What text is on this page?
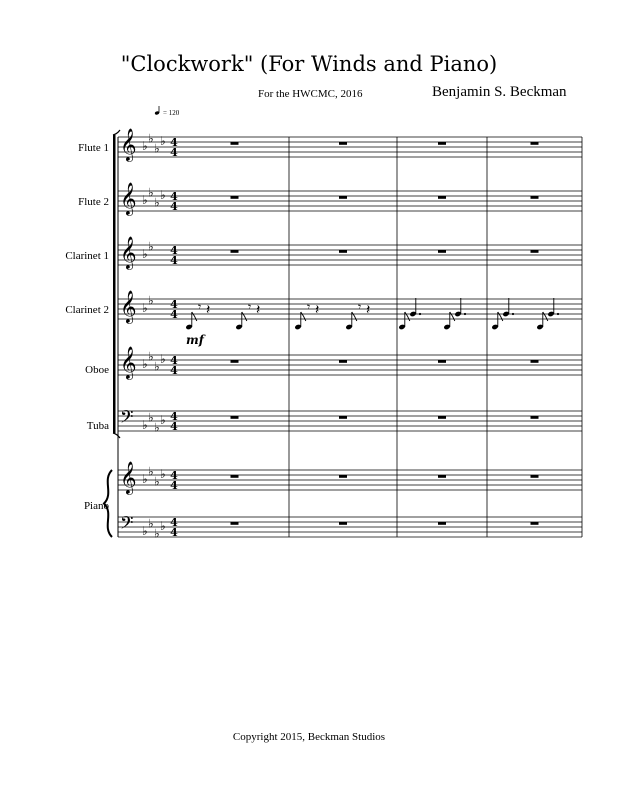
"Clockwork" (For Winds and Piano)
For the HWCMC, 2016	Benjamin S. Beckman
= 120
𝄞 ♭
♭
♭
♭ 4
4
𝄞 ♭
♭
♭
♭ 4
4
𝄞 ♭
♭ 4
4
𝄞 ♭
♭ 4
4
𝄾 𝄽	𝄾 𝄽	𝄾 𝄽	𝄾 𝄽
mf
𝄞 ♭
♭
♭
♭ 4
4
𝄢 ♭
♭
♭
♭ 4
4
𝄞 ♭
♭
♭
♭ 4
4
𝄢 ♭
♭
♭
♭ 4
4
Flute 1
Flute 2
Clarinet 1
Clarinet 2
Oboe
Tuba
Piano
Copyright 2015, Beckman Studios
